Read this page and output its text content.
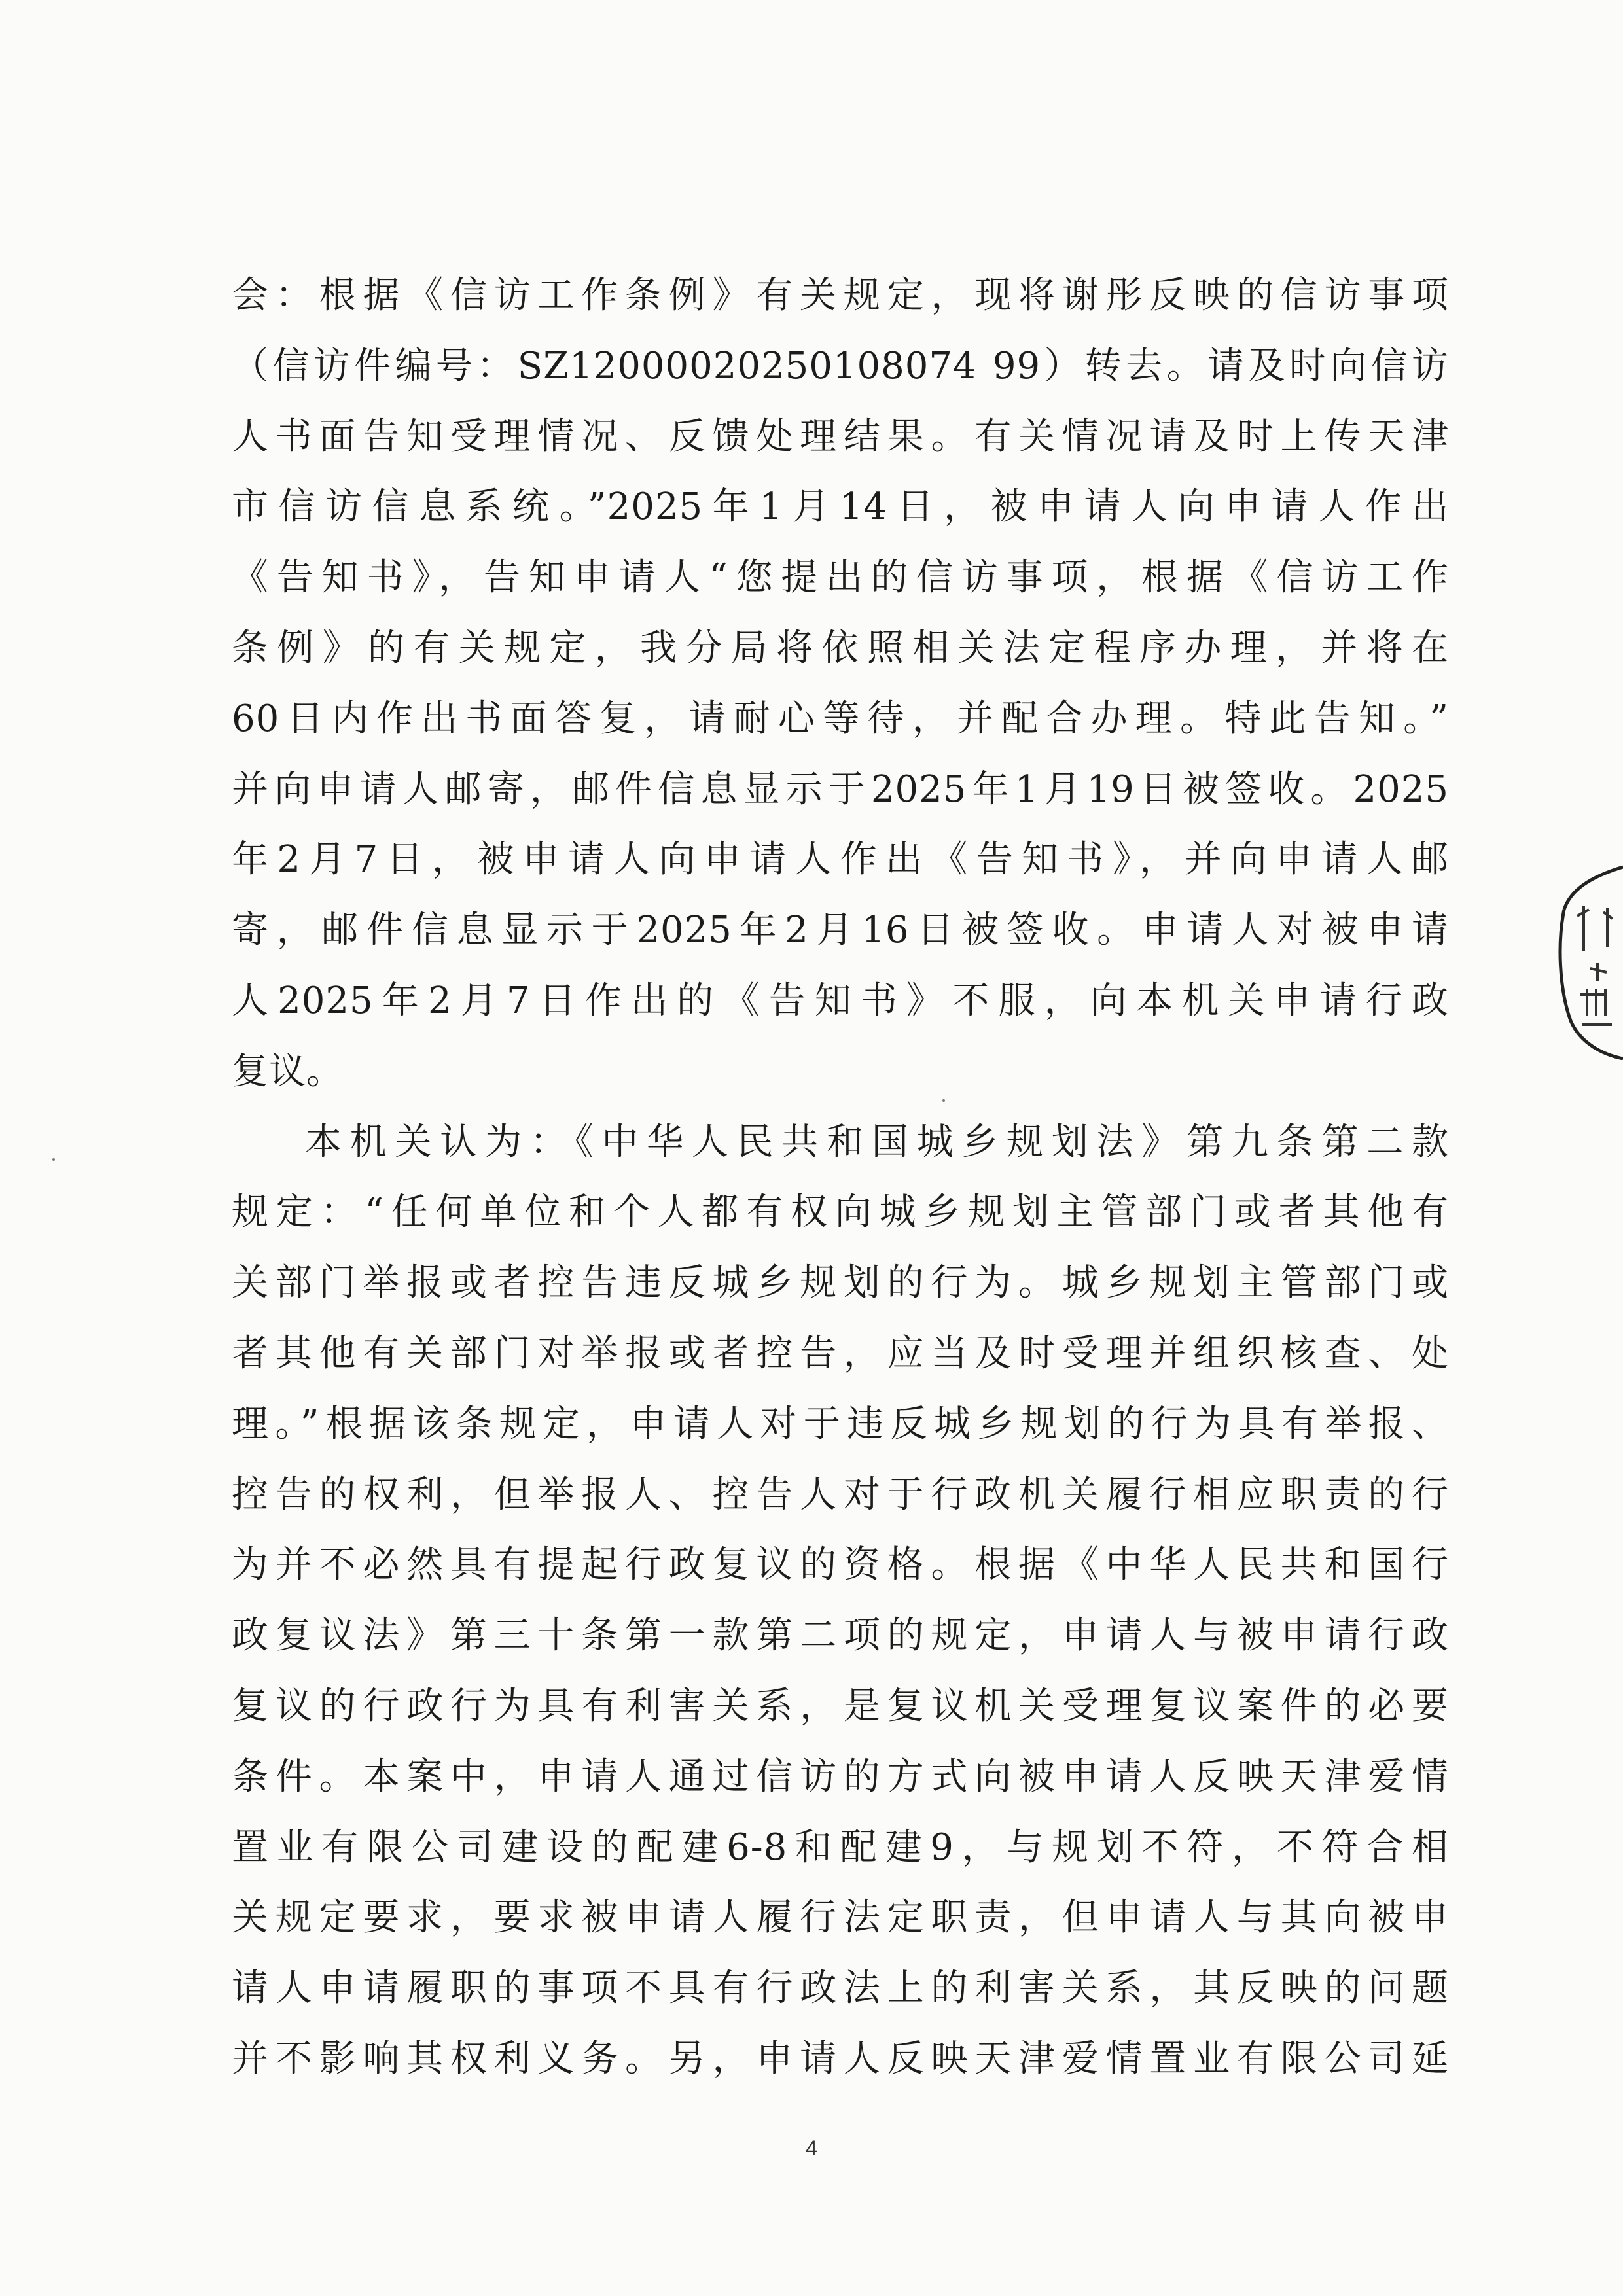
会：根据《信访工作条例》有关规定，现将谢彤反映的信访事项
（信访件编号：SZ12000020250108074 99）转去。请及时向信访
人书面告知受理情况、反馈处理结果。有关情况请及时上传天津
市信访信息系统。”2025年1月14日，被申请人向申请人作出
《告知书》，告知申请人“您提出的信访事项，根据《信访工作
条例》的有关规定，我分局将依照相关法定程序办理，并将在
60日内作出书面答复，请耐心等待，并配合办理。特此告知。”
并向申请人邮寄，邮件信息显示于2025年1月19日被签收。2025
年2月7日，被申请人向申请人作出《告知书》，并向申请人邮
寄，邮件信息显示于2025年2月16日被签收。申请人对被申请
人2025年2月7日作出的《告知书》不服，向本机关申请行政
复议。
本机关认为：《中华人民共和国城乡规划法》第九条第二款
规定：“任何单位和个人都有权向城乡规划主管部门或者其他有
关部门举报或者控告违反城乡规划的行为。城乡规划主管部门或
者其他有关部门对举报或者控告，应当及时受理并组织核查、处
理。”根据该条规定，申请人对于违反城乡规划的行为具有举报、
控告的权利，但举报人、控告人对于行政机关履行相应职责的行
为并不必然具有提起行政复议的资格。根据《中华人民共和国行
政复议法》第三十条第一款第二项的规定，申请人与被申请行政
复议的行政行为具有利害关系，是复议机关受理复议案件的必要
条件。本案中，申请人通过信访的方式向被申请人反映天津爱情
置业有限公司建设的配建6-8和配建9，与规划不符，不符合相
关规定要求，要求被申请人履行法定职责，但申请人与其向被申
请人申请履职的事项不具有行政法上的利害关系，其反映的问题
并不影响其权利义务。另，申请人反映天津爱情置业有限公司延
4
